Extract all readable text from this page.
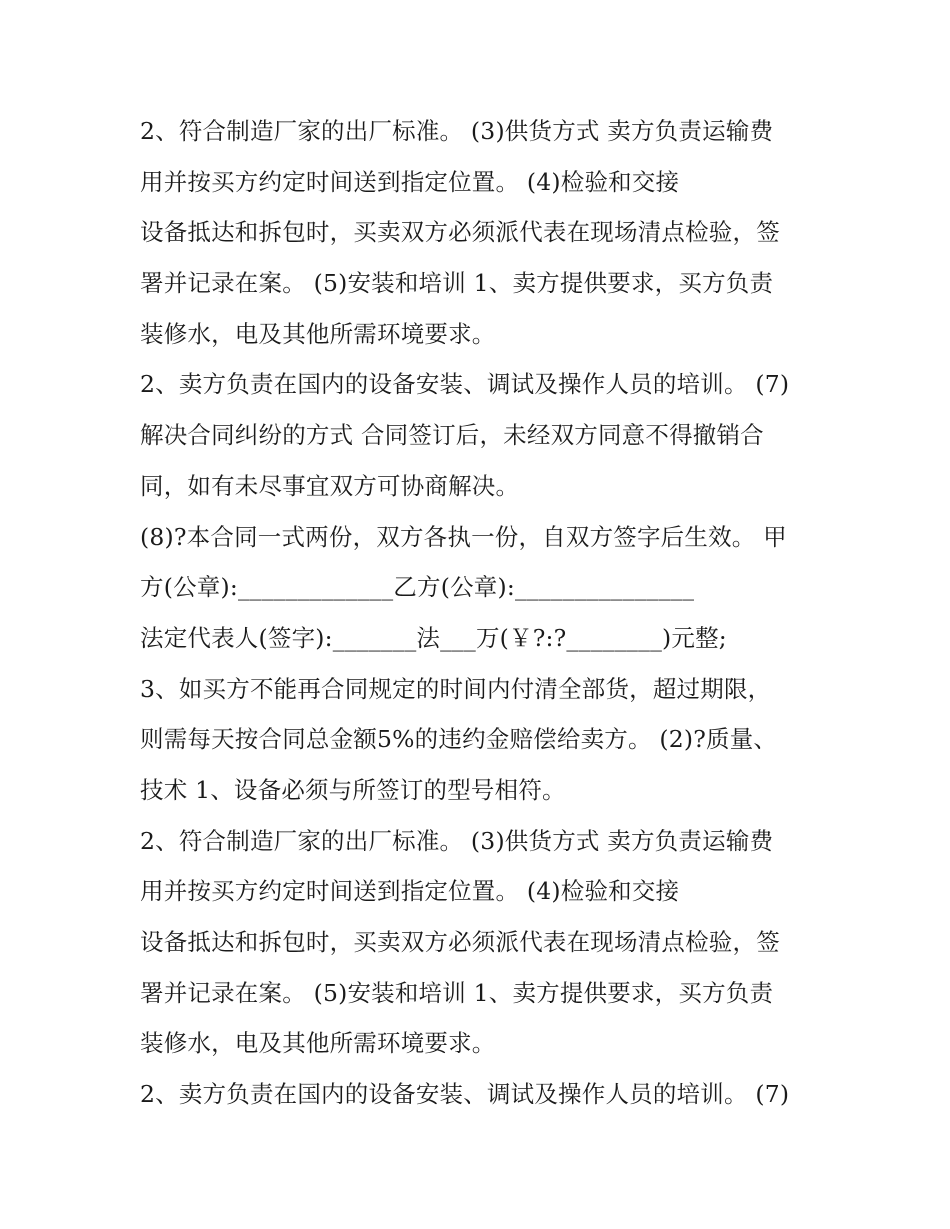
2、符合制造厂家的出厂标准。 (3)供货方式 卖方负责运输费
用并按买方约定时间送到指定位置。 (4)检验和交接
设备抵达和拆包时，买卖双方必须派代表在现场清点检验，签
署并记录在案。 (5)安装和培训 1、卖方提供要求，买方负责
装修水，电及其他所需环境要求。
2、卖方负责在国内的设备安装、调试及操作人员的培训。 (7)
解决合同纠纷的方式 合同签订后，未经双方同意不得撤销合
同，如有未尽事宜双方可协商解决。
(8)?本合同一式两份，双方各执一份，自双方签字后生效。 甲
方(公章):_____________乙方(公章):_______________
法定代表人(签字):_______法___万(￥?:?________)元整;
3、如买方不能再合同规定的时间内付清全部货，超过期限，
则需每天按合同总金额5%的违约金赔偿给卖方。 (2)?质量、
技术 1、设备必须与所签订的型号相符。
2、符合制造厂家的出厂标准。 (3)供货方式 卖方负责运输费
用并按买方约定时间送到指定位置。 (4)检验和交接
设备抵达和拆包时，买卖双方必须派代表在现场清点检验，签
署并记录在案。 (5)安装和培训 1、卖方提供要求，买方负责
装修水，电及其他所需环境要求。
2、卖方负责在国内的设备安装、调试及操作人员的培训。 (7)
